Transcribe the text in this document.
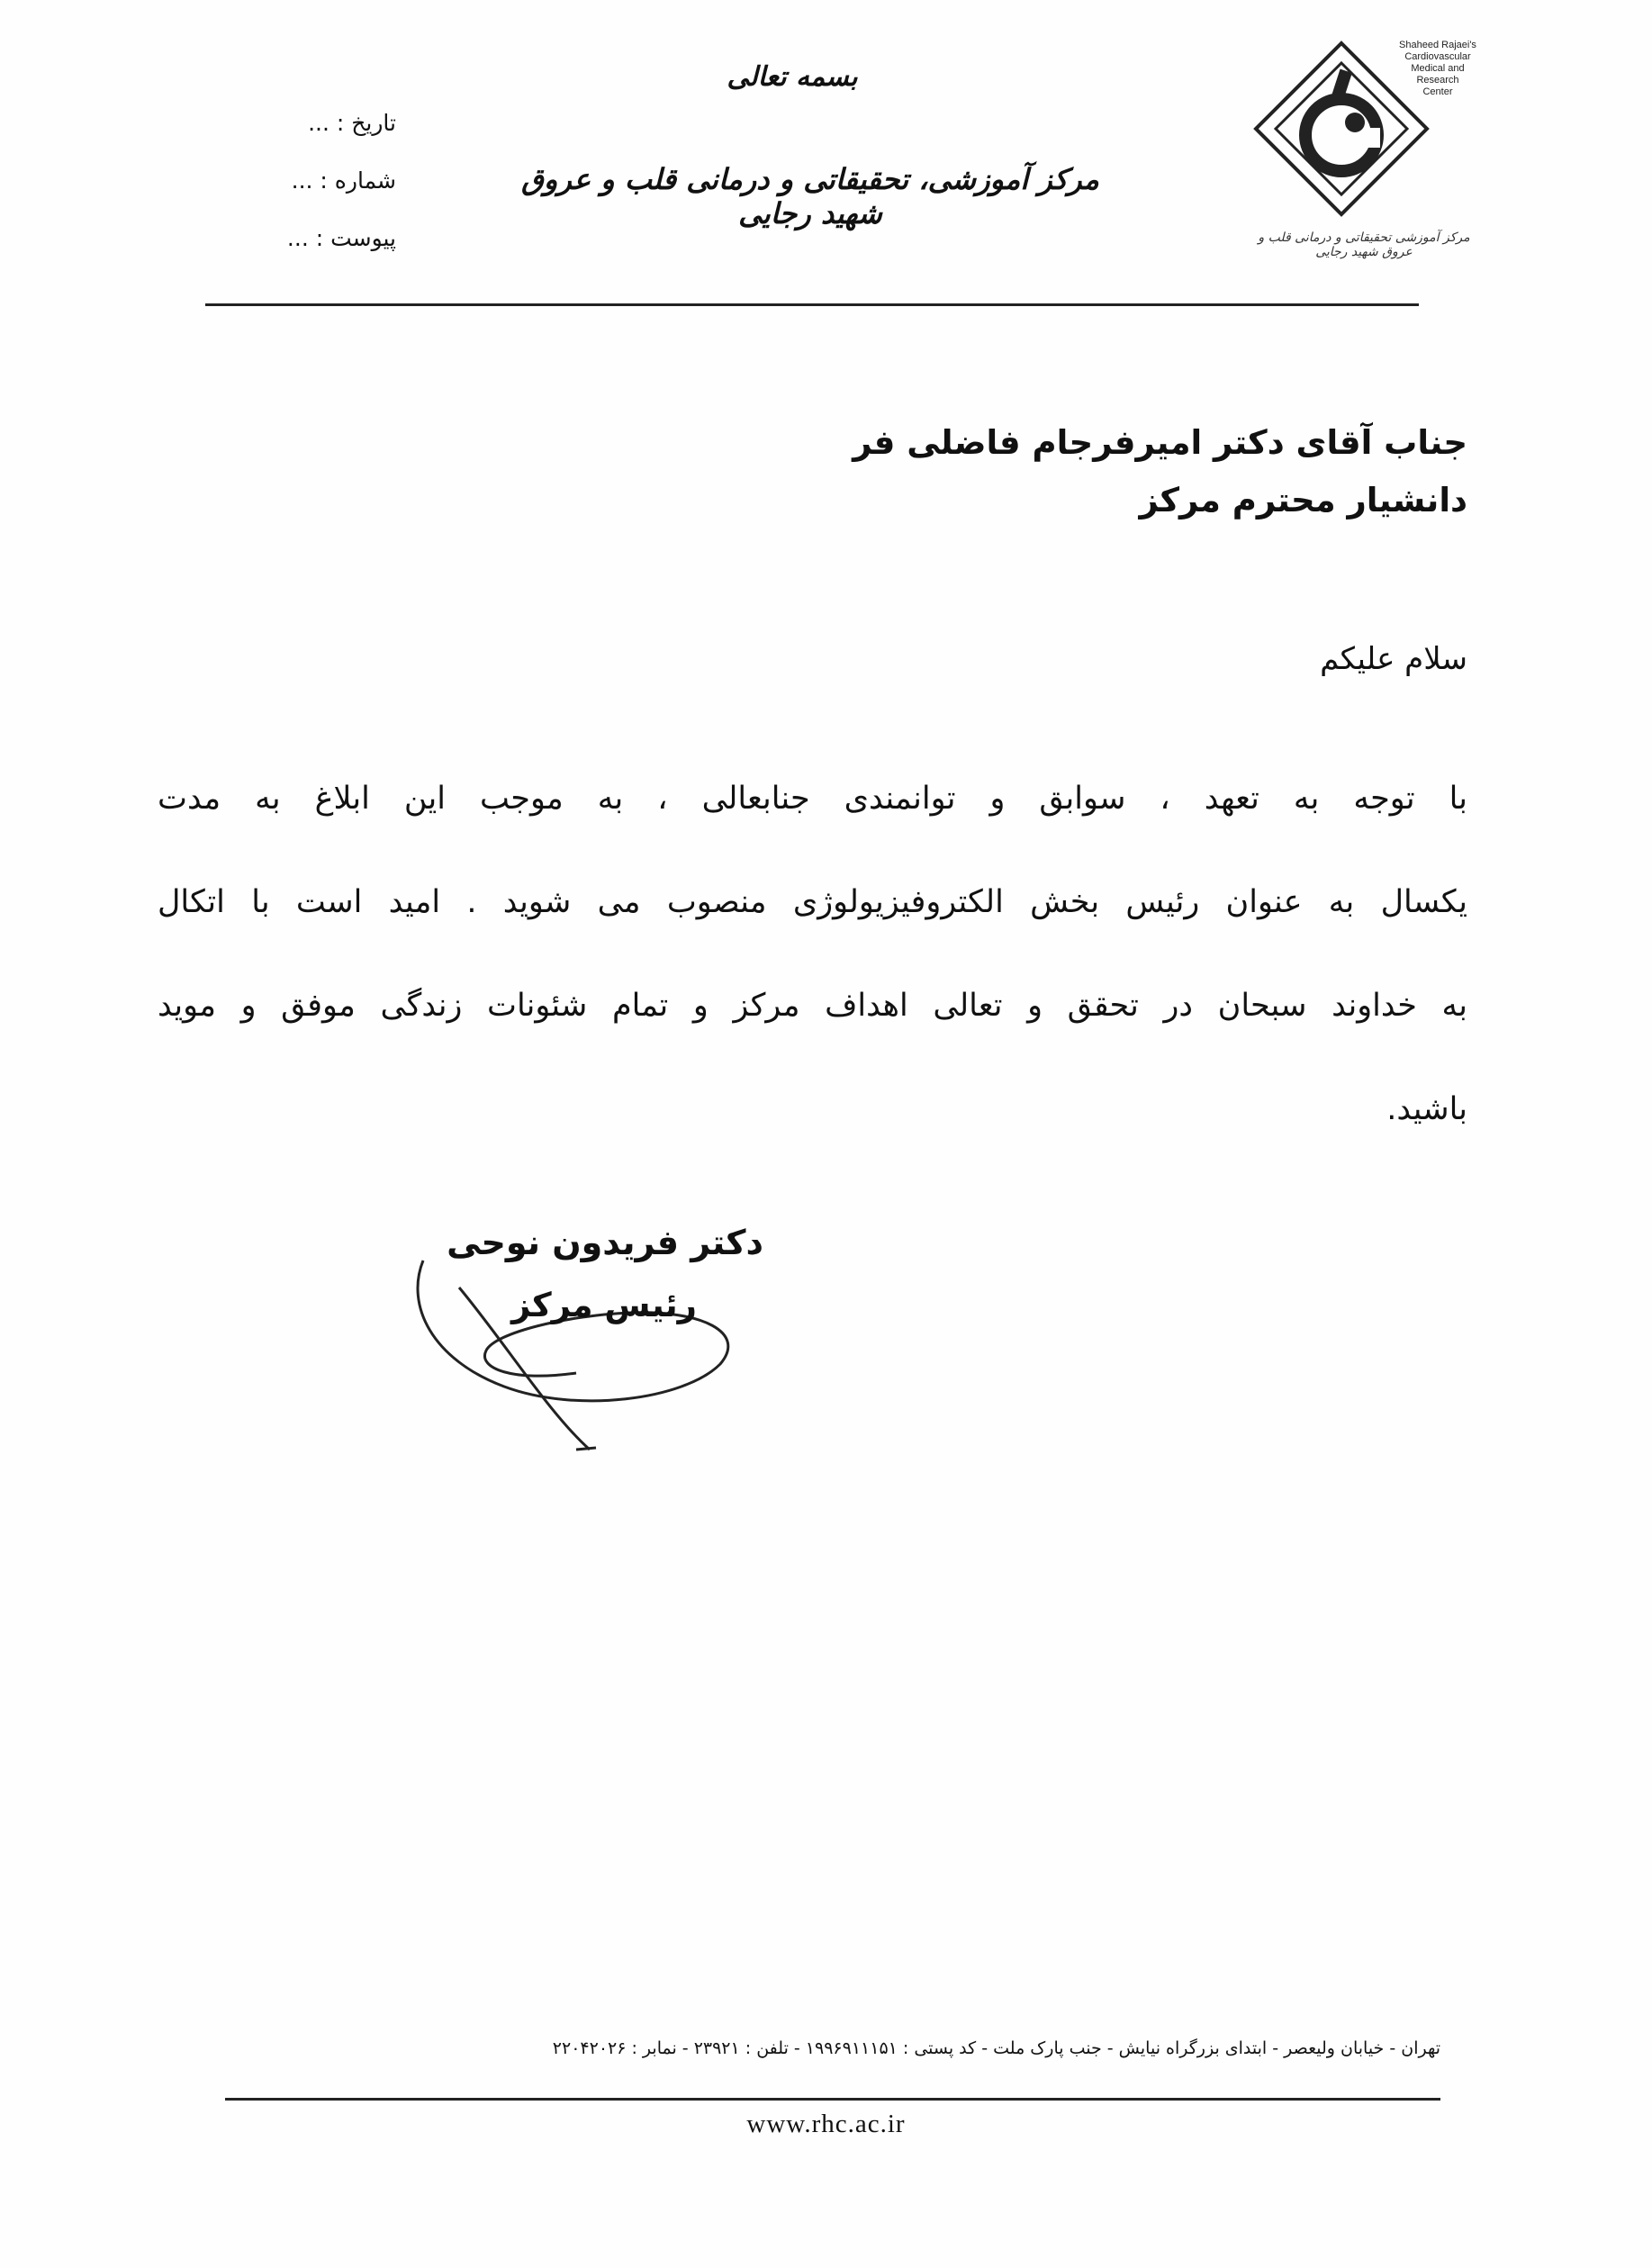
Shaheed Rajaei's
Cardiovascular
Medical and
Research
Center
مرکز آموزشی تحقیقاتی و درمانی قلب و عروق شهید رجایی
بسمه تعالی
مرکز آموزشی، تحقیقاتی و درمانی قلب و عروق شهید رجایی
تاریخ : ...
شماره : ...
پیوست : ...
جناب آقای دکتر امیرفرجام فاضلی فر
دانشیار محترم مرکز
سلام علیکم
با توجه به تعهد ، سوابق و توانمندی جنابعالی ، به موجب این ابلاغ به مدت
یکسال به عنوان رئیس بخش الکتروفیزیولوژی منصوب می شوید . امید است با اتکال
به خداوند سبحان در تحقق و تعالی اهداف مرکز و تمام شئونات زندگی موفق و موید
باشید.
دکتر فریدون نوحی
رئیس مرکز
تهران - خیابان ولیعصر - ابتدای بزرگراه نیایش - جنب پارک ملت - کد پستی : ۱۹۹۶۹۱۱۱۵۱ - تلفن : ۲۳۹۲۱ - نمابر : ۲۲۰۴۲۰۲۶
www.rhc.ac.ir
